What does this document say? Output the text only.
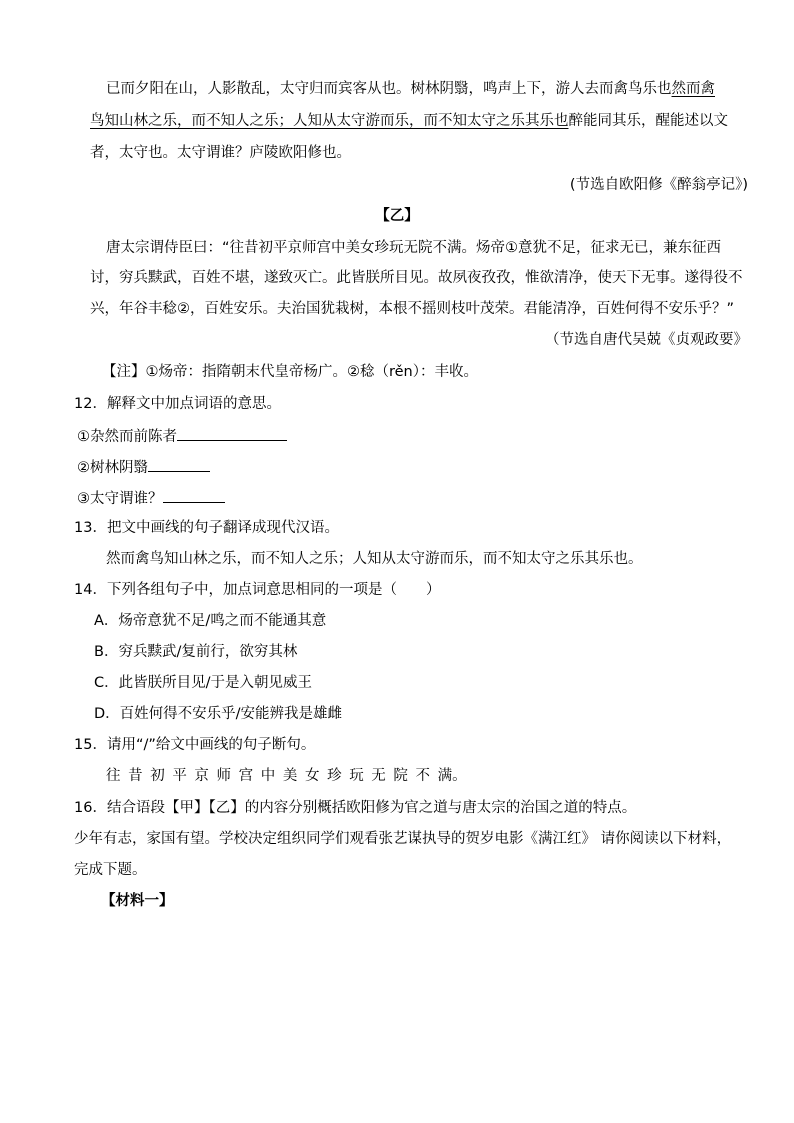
已而夕阳在山，人影散乱，太守归而宾客从也。树林阴翳，鸣声上下，游人去而禽鸟乐也然而禽
鸟知山林之乐，而不知人之乐；人知从太守游而乐，而不知太守之乐其乐也醉能同其乐，醒能述以文
者，太守也。太守谓谁？庐陵欧阳修也。
(节选自欧阳修《醉翁亭记》)
【乙】
唐太宗谓侍臣曰：“往昔初平京师宫中美女珍玩无院不满。炀帝①意犹不足，征求无已，兼东征西
讨，穷兵黩武，百姓不堪，遂致灭亡。此皆朕所目见。故夙夜孜孜，惟欲清净，使天下无事。遂得役不
兴，年谷丰稔②，百姓安乐。夫治国犹栽树，本根不摇则枝叶茂荣。君能清净，百姓何得不安乐乎？”
（节选自唐代吴兢《贞观政要》
【注】①炀帝：指隋朝末代皇帝杨广。②稔（rěn）：丰收。
12．解释文中加点词语的意思。
①杂然而前陈者
②树林阴翳
③太守谓谁？
13．把文中画线的句子翻译成现代汉语。
然而禽鸟知山林之乐，而不知人之乐；人知从太守游而乐，而不知太守之乐其乐也。
14．下列各组句子中，加点词意思相同的一项是（　　）
A．炀帝意犹不足/鸣之而不能通其意
B．穷兵黩武/复前行，欲穷其林
C．此皆朕所目见/于是入朝见威王
D．百姓何得不安乐乎/安能辨我是雄雌
15．请用“/”给文中画线的句子断句。
往 昔 初 平 京 师 宫 中 美 女 珍 玩 无 院 不 满。
16．结合语段【甲】【乙】的内容分别概括欧阳修为官之道与唐太宗的治国之道的特点。
少年有志，家国有望。学校决定组织同学们观看张艺谋执导的贺岁电影《满江红》 请你阅读以下材料，
完成下题。
【材料一】
